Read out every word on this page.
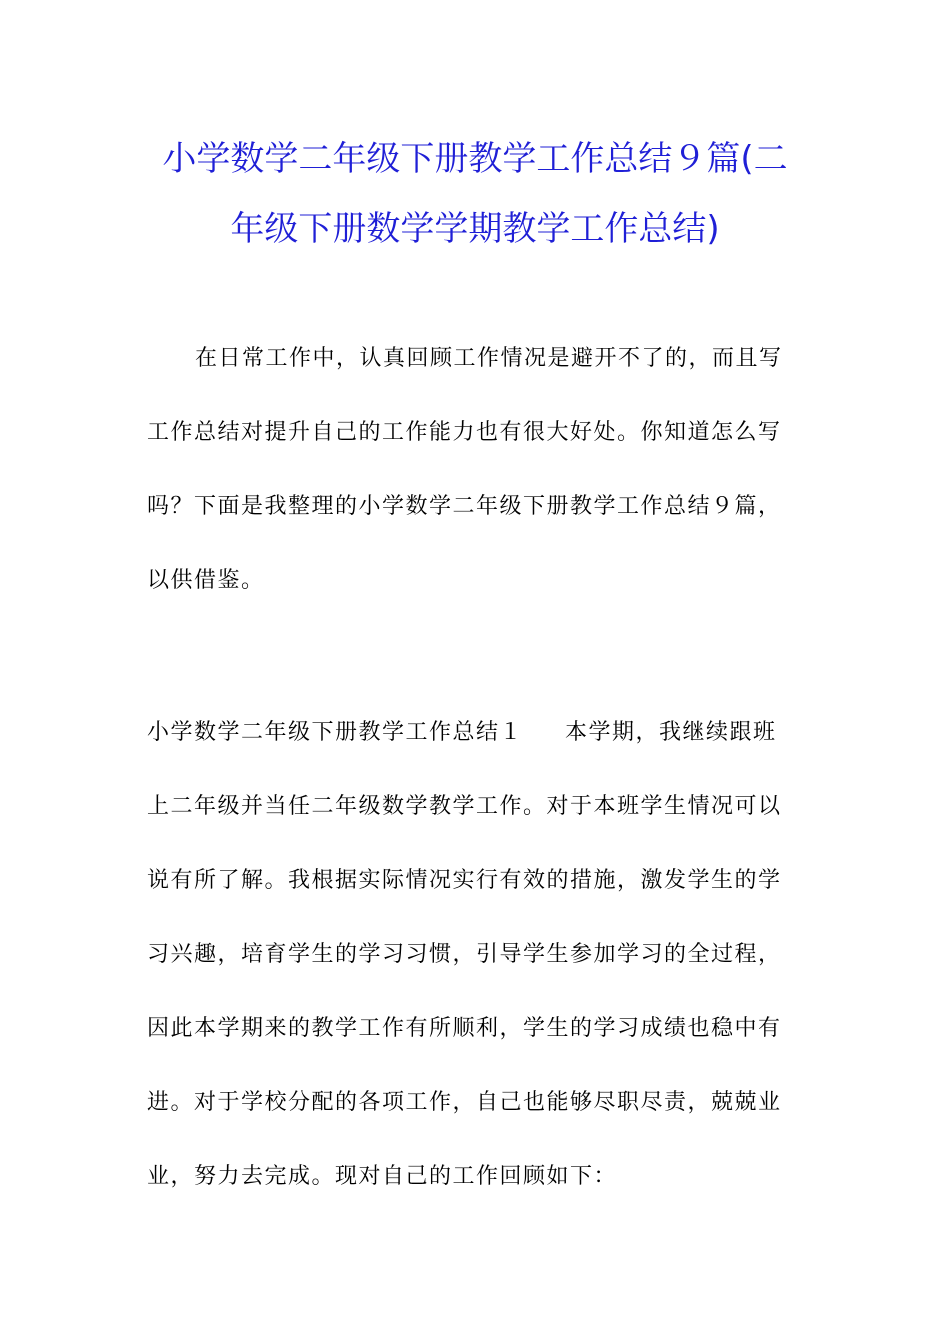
小学数学二年级下册教学工作总结９篇(二
年级下册数学学期教学工作总结)
在日常工作中，认真回顾工作情况是避开不了的，而且写
工作总结对提升自己的工作能力也有很大好处。你知道怎么写
吗？下面是我整理的小学数学二年级下册教学工作总结９篇，
以供借鉴。
小学数学二年级下册教学工作总结１ 本学期，我继续跟班
上二年级并当任二年级数学教学工作。对于本班学生情况可以
说有所了解。我根据实际情况实行有效的措施，激发学生的学
习兴趣，培育学生的学习习惯，引导学生参加学习的全过程，
因此本学期来的教学工作有所顺利，学生的学习成绩也稳中有
进。对于学校分配的各项工作，自己也能够尽职尽责，兢兢业
业，努力去完成。现对自己的工作回顾如下：
